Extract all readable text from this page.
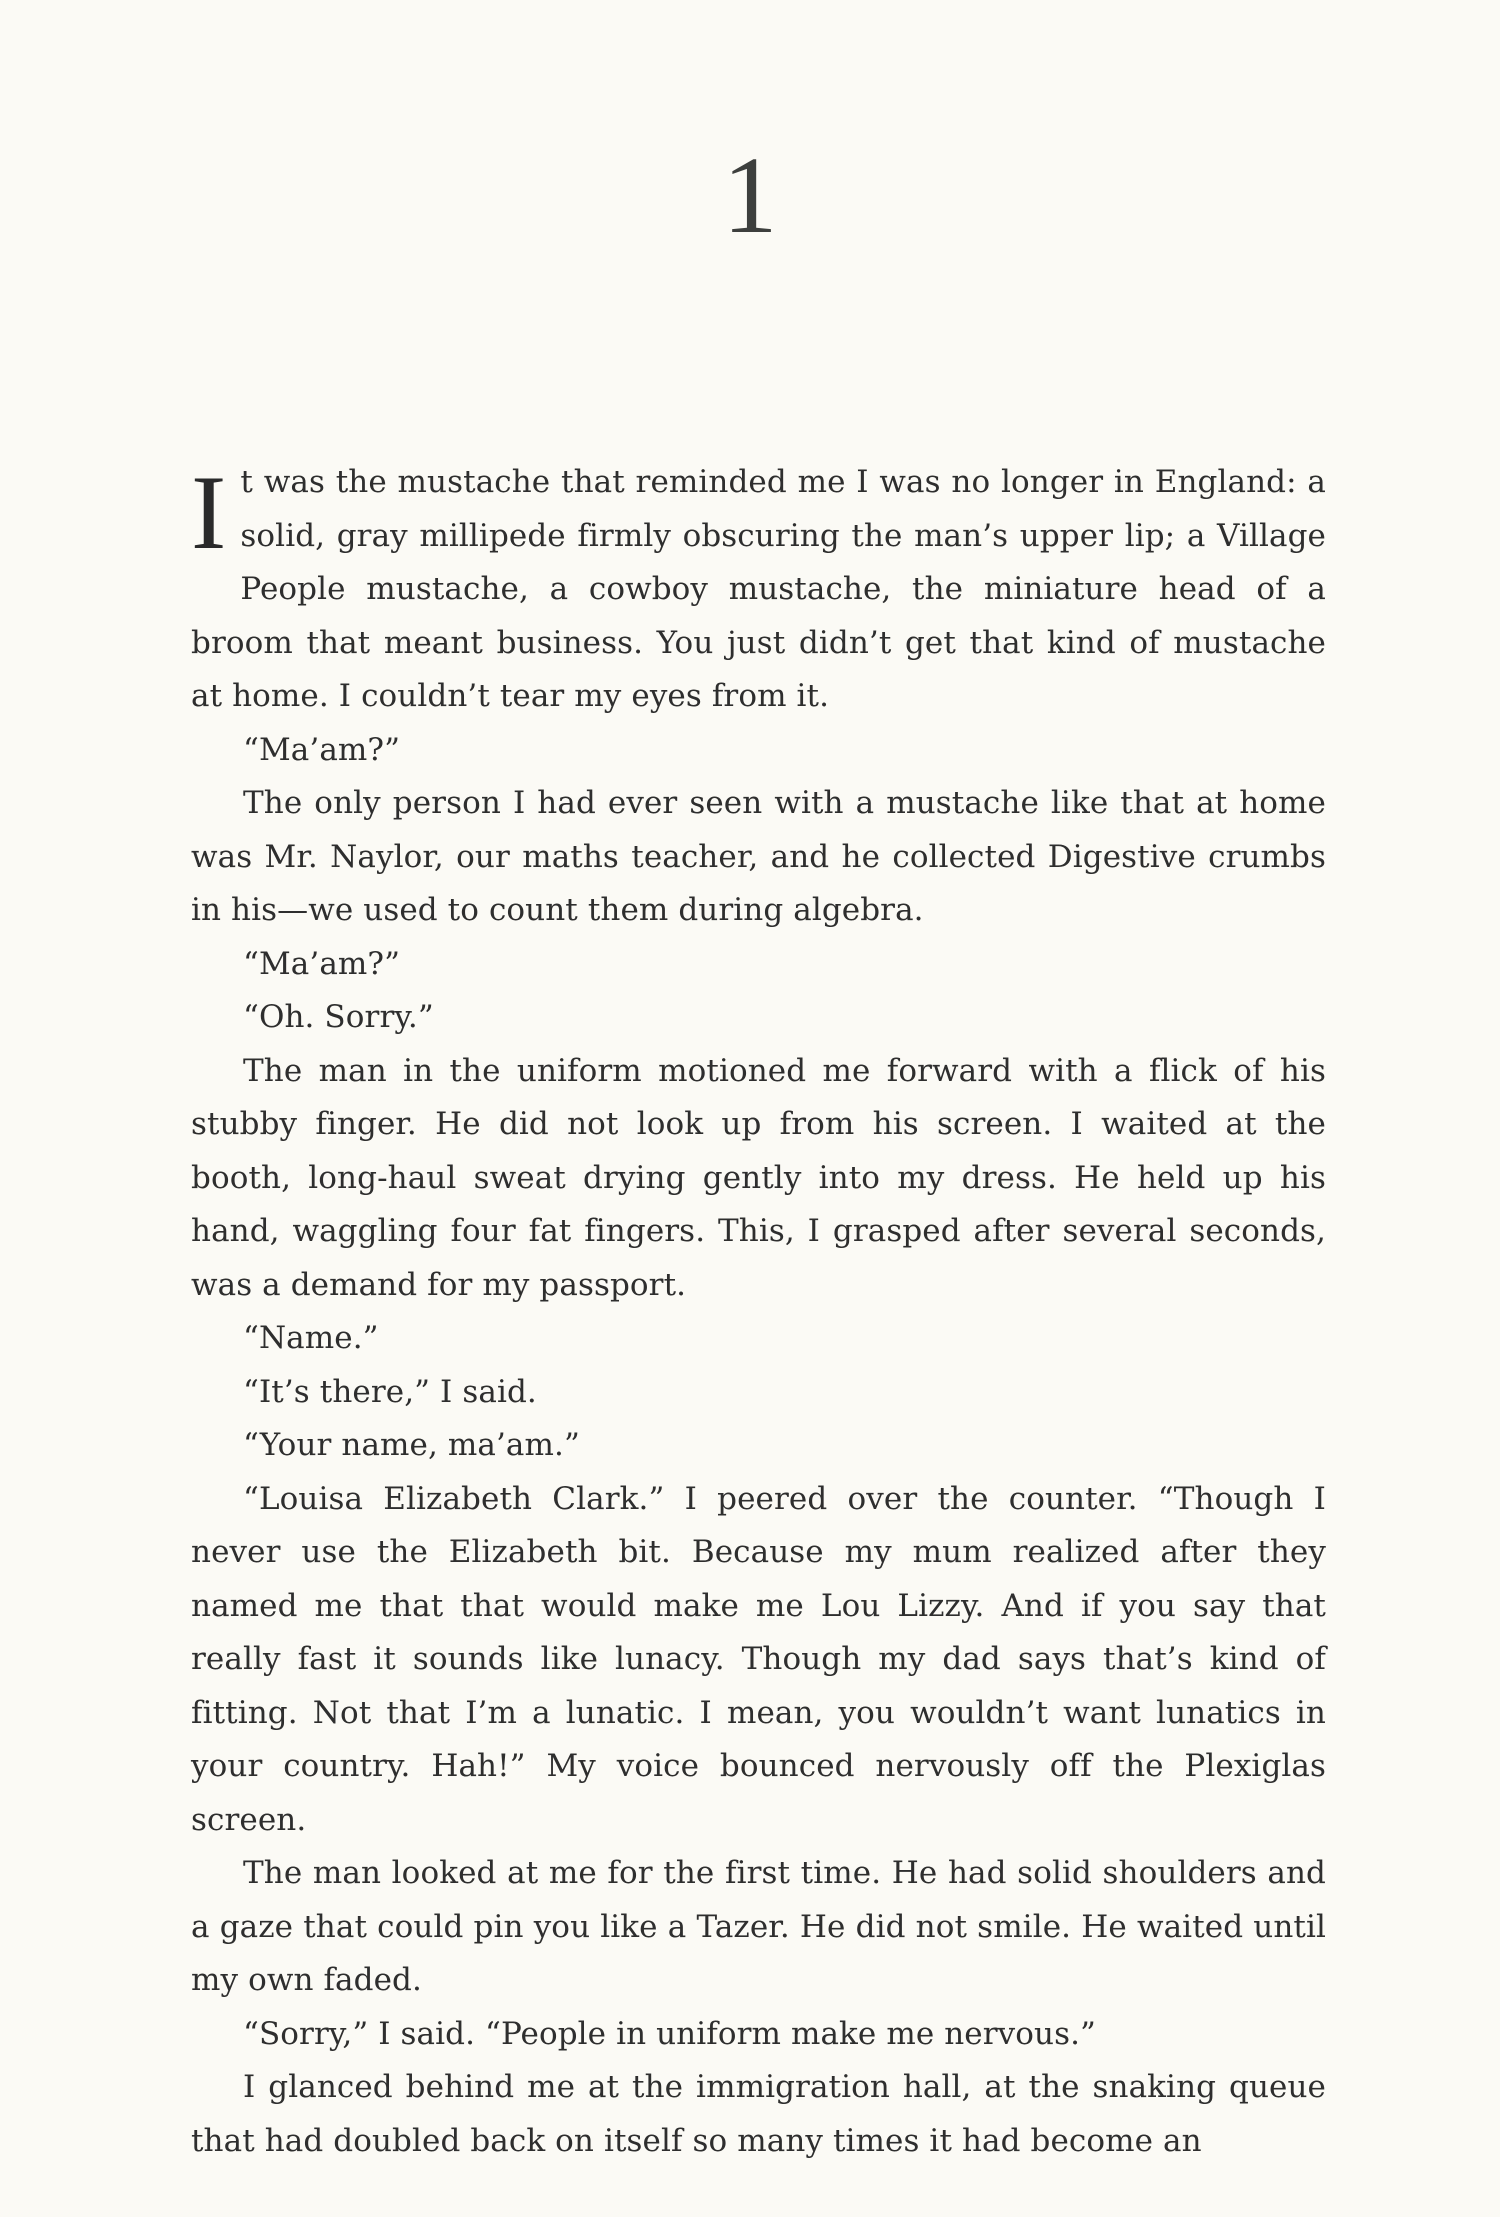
1

It was the mustache that reminded me I was no longer in England: a solid, gray millipede firmly obscuring the man’s upper lip; a Village People mustache, a cowboy mustache, the miniature head of a broom that meant business. You just didn’t get that kind of mustache at home. I couldn’t tear my eyes from it.

“Ma’am?”

The only person I had ever seen with a mustache like that at home was Mr. Naylor, our maths teacher, and he collected Digestive crumbs in his—we used to count them during algebra.

“Ma’am?”

“Oh. Sorry.”

The man in the uniform motioned me forward with a flick of his stubby finger. He did not look up from his screen. I waited at the booth, long-haul sweat drying gently into my dress. He held up his hand, waggling four fat fingers. This, I grasped after several seconds, was a demand for my passport.

“Name.”

“It’s there,” I said.

“Your name, ma’am.”

“Louisa Elizabeth Clark.” I peered over the counter. “Though I never use the Elizabeth bit. Because my mum realized after they named me that that would make me Lou Lizzy. And if you say that really fast it sounds like lunacy. Though my dad says that’s kind of fitting. Not that I’m a lunatic. I mean, you wouldn’t want lunatics in your country. Hah!” My voice bounced nervously off the Plexiglas screen.

The man looked at me for the first time. He had solid shoulders and a gaze that could pin you like a Tazer. He did not smile. He waited until my own faded.

“Sorry,” I said. “People in uniform make me nervous.”

I glanced behind me at the immigration hall, at the snaking queue that had doubled back on itself so many times it had become an
